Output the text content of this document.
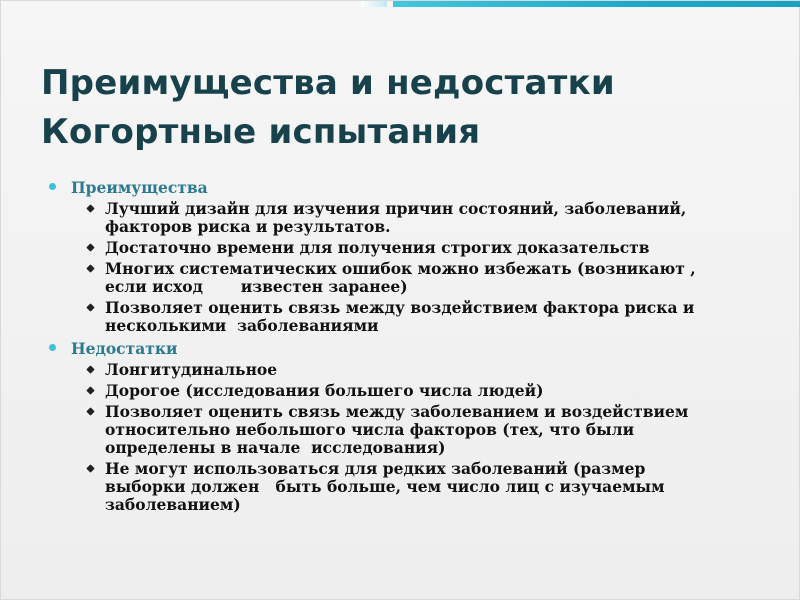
Преимущества и недостатки
Когортные испытания
Преимущества
Лучший дизайн для изучения причин состояний, заболеваний,
факторов риска и результатов.
Достаточно времени для получения строгих доказательств
Многих систематических ошибок можно избежать (возникают ,
если исход       известен заранее)
Позволяет оценить связь между воздействием фактора риска и
несколькими  заболеваниями
Недостатки
Лонгитудинальное
Дорогое (исследования большего числа людей)
Позволяет оценить связь между заболеванием и воздействием
относительно небольшого числа факторов (тех, что были
определены в начале  исследования)
Не могут использоваться для редких заболеваний (размер
выборки должен   быть больше, чем число лиц с изучаемым
заболеванием)
